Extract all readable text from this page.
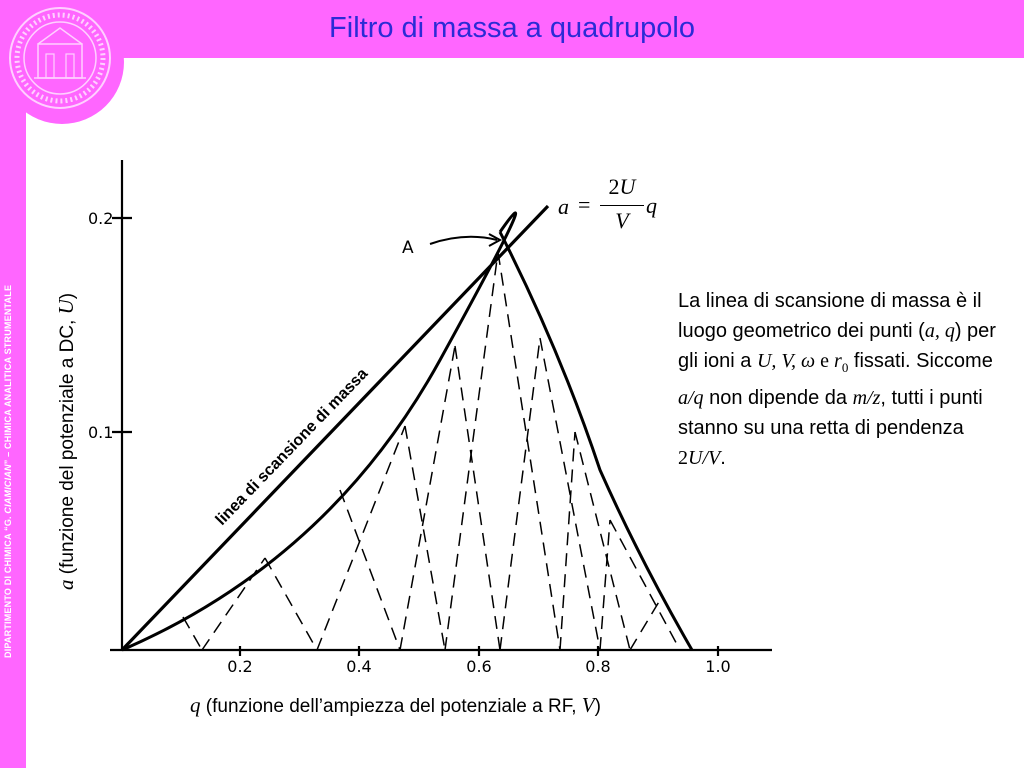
Filtro di massa a quadrupolo
DIPARTIMENTO DI CHIMICA “G. CIAMICIAN” – CHIMICA ANALITICA STRUMENTALE
0.2
0.1
0.2	0.4	0.6	0.8	1.0
A
linea di scansione di massa
a (funzione del potenziale a DC, U)
q (funzione dell’ampiezza del potenziale a RF, V)
a =
2U
V
q
La linea di scansione di massa è il luogo geometrico dei punti (a, q) per gli ioni a U, V, ω e $r_0$ fissati. Siccome a/q non dipende da m/z, tutti i punti stanno su una retta di pendenza 2U/V.
